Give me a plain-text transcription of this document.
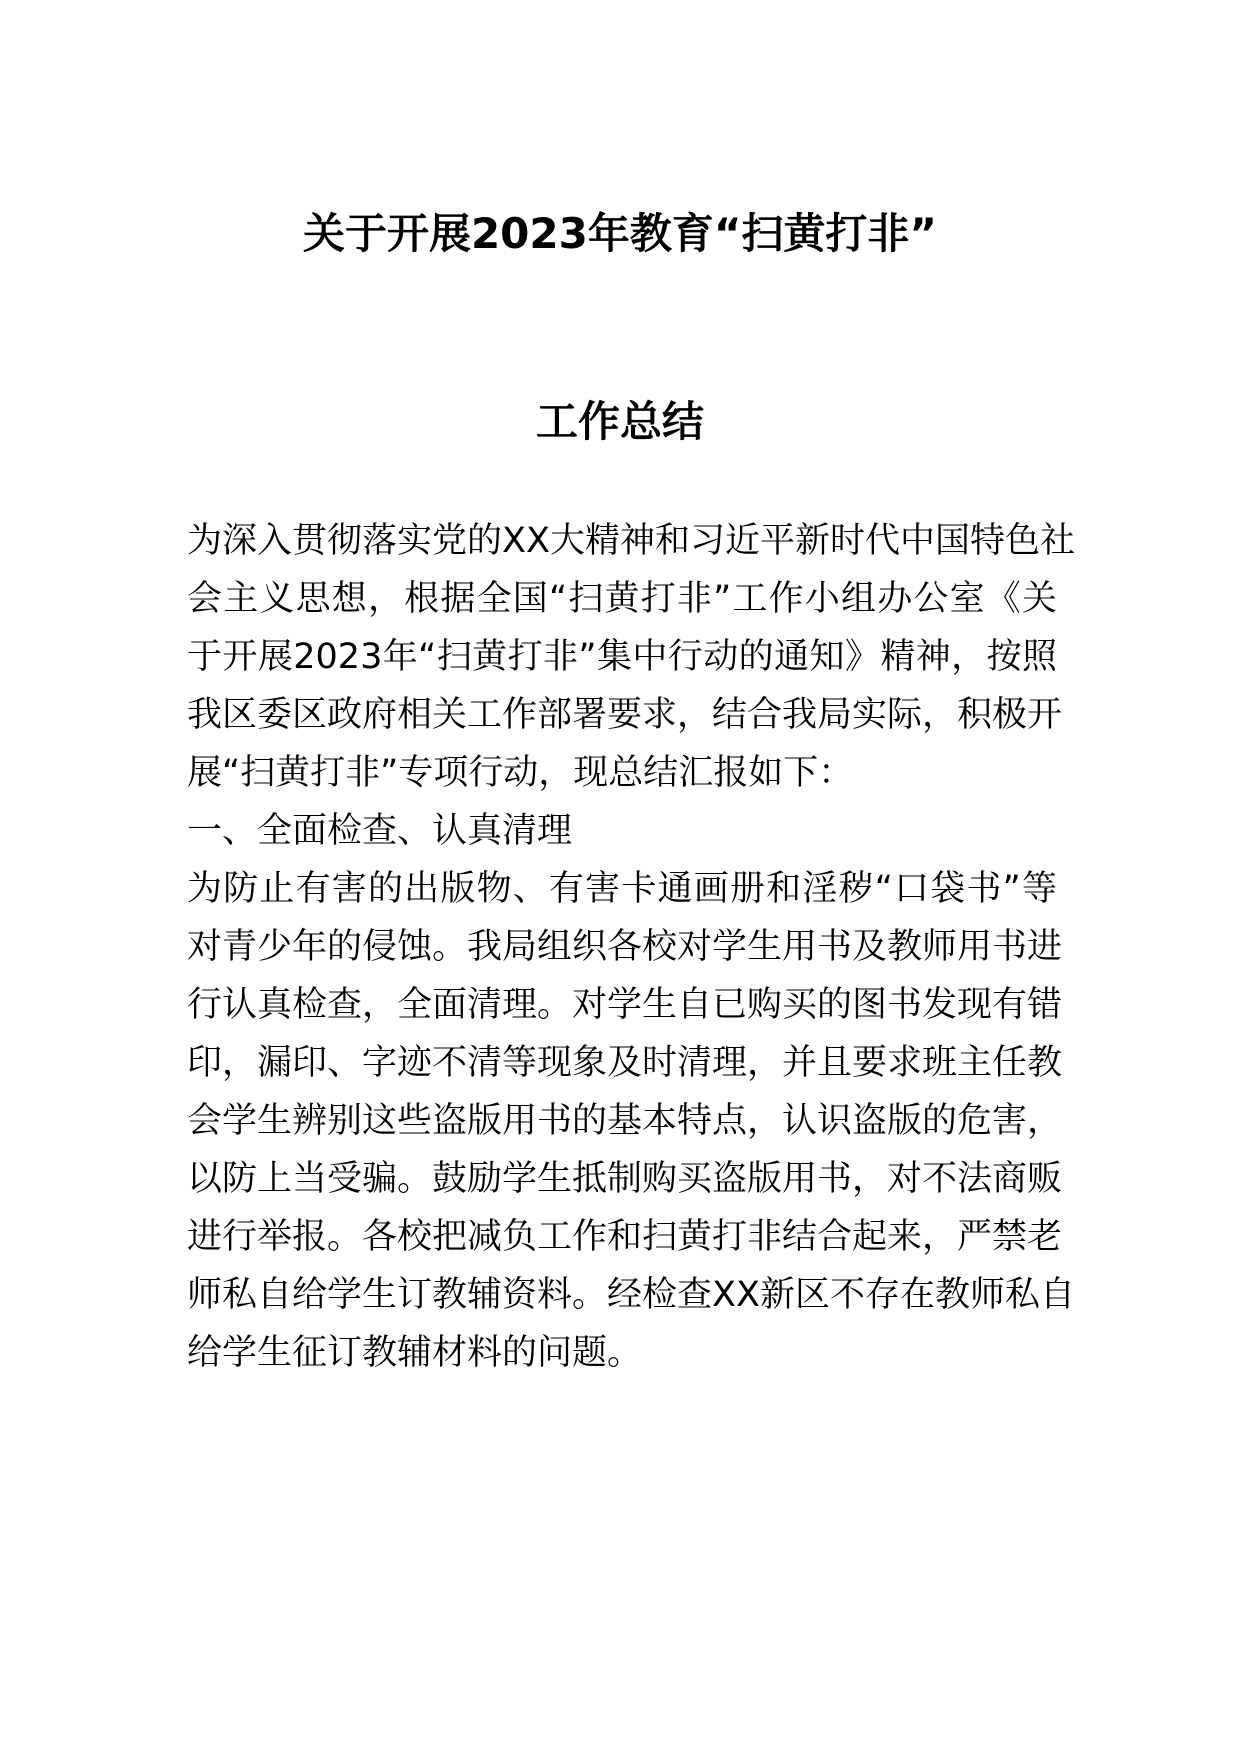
关于开展2023年教育“扫黄打非”
工作总结

为深入贯彻落实党的XX大精神和习近平新时代中国特色社

会主义思想，根据全国“扫黄打非”工作小组办公室《关

于开展2023年“扫黄打非”集中行动的通知》精神，按照

我区委区政府相关工作部署要求，结合我局实际，积极开

展“扫黄打非”专项行动，现总结汇报如下：

一、全面检查、认真清理

为防止有害的出版物、有害卡通画册和淫秽“口袋书”等

对青少年的侵蚀。我局组织各校对学生用书及教师用书进

行认真检查，全面清理。对学生自已购买的图书发现有错

印，漏印、字迹不清等现象及时清理，并且要求班主任教

会学生辨别这些盗版用书的基本特点，认识盗版的危害，

以防上当受骗。鼓励学生抵制购买盗版用书，对不法商贩

进行举报。各校把减负工作和扫黄打非结合起来，严禁老

师私自给学生订教辅资料。经检查XX新区不存在教师私自

给学生征订教辅材料的问题。
